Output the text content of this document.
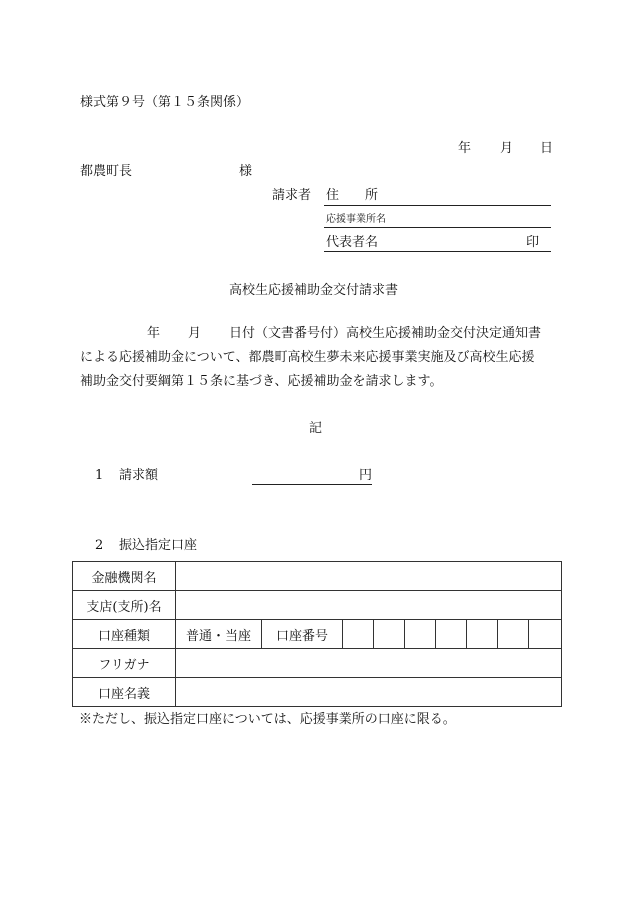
様式第９号（第１５条関係）
年 月 日
都農町長	様
請求者 住　　所
応援事業所名
代表者名	印
高校生応援補助金交付請求書
年 月 日付（文書番号付）高校生応援補助金交付決定通知書
による応援補助金について、都農町高校生夢未来応援事業実施及び高校生応援
補助金交付要綱第１５条に基づき、応援補助金を請求します。
記
1 請求額	円
2 振込指定口座
金融機関名									
支店(支所)名									
口座種類	普通・当座	口座番号							
フリガナ									
口座名義									
※ただし、振込指定口座については、応援事業所の口座に限る。
